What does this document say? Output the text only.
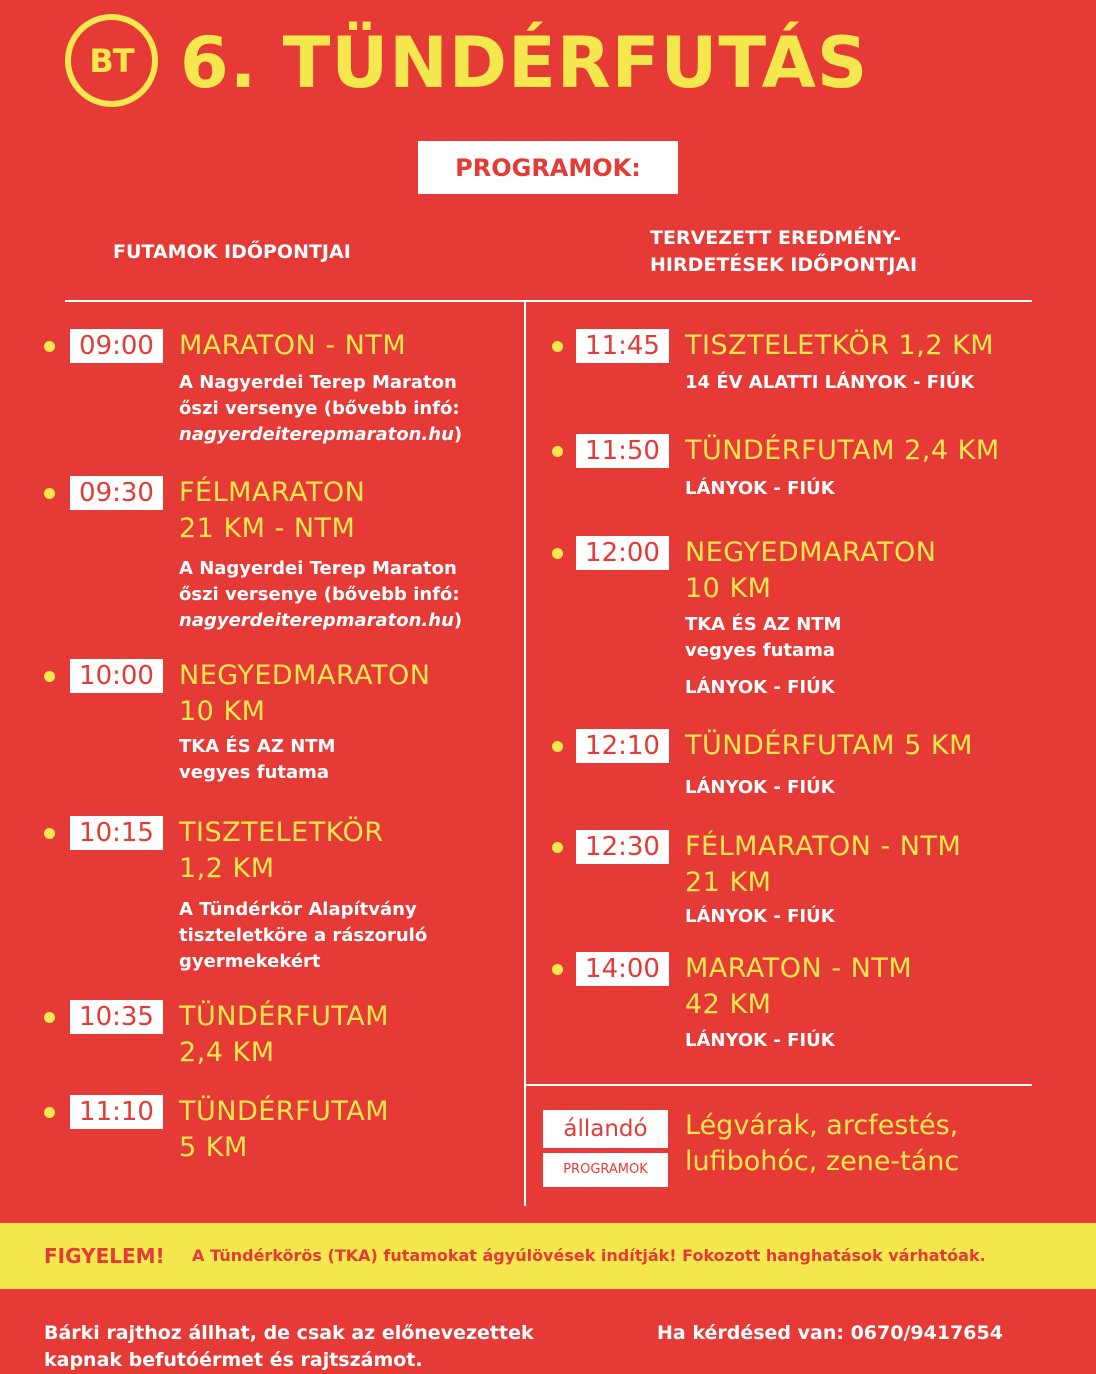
BT 6. TÜNDÉRFUTÁS
PROGRAMOK:
FUTAMOK IDŐPONTJAI
TERVEZETT EREDMÉNY-
HIRDETÉSEK IDŐPONTJAI
09:00 MARATON - NTM
A Nagyerdei Terep Maraton
őszi versenye (bővebb infó:
nagyerdeiterepmaraton.hu)
09:30 FÉLMARATON
21 KM - NTM
A Nagyerdei Terep Maraton
őszi versenye (bővebb infó:
nagyerdeiterepmaraton.hu)
10:00 NEGYEDMARATON
10 KM
TKA ÉS AZ NTM
vegyes futama
10:15 TISZTELETKÖR
1,2 KM
A Tündérkör Alapítvány
tiszteletköre a rászoruló
gyermekekért
10:35 TÜNDÉRFUTAM
2,4 KM
11:10 TÜNDÉRFUTAM
5 KM
11:45 TISZTELETKÖR 1,2 KM
14 ÉV ALATTI LÁNYOK - FIÚK
11:50 TÜNDÉRFUTAM 2,4 KM
LÁNYOK - FIÚK
12:00 NEGYEDMARATON
10 KM
TKA ÉS AZ NTM
vegyes futama
LÁNYOK - FIÚK
12:10 TÜNDÉRFUTAM 5 KM
LÁNYOK - FIÚK
12:30 FÉLMARATON - NTM
21 KM
LÁNYOK - FIÚK
14:00 MARATON - NTM
42 KM
LÁNYOK - FIÚK
állandó
PROGRAMOK
Légvárak, arcfestés,
lufibohóc, zene-tánc
FIGYELEM! A Tündérkörös (TKA) futamokat ágyúlövések indítják! Fokozott hanghatások várhatóak.
Bárki rajthoz állhat, de csak az előnevezettek
kapnak befutóérmet és rajtszámot.
Ha kérdésed van: 0670/9417654
